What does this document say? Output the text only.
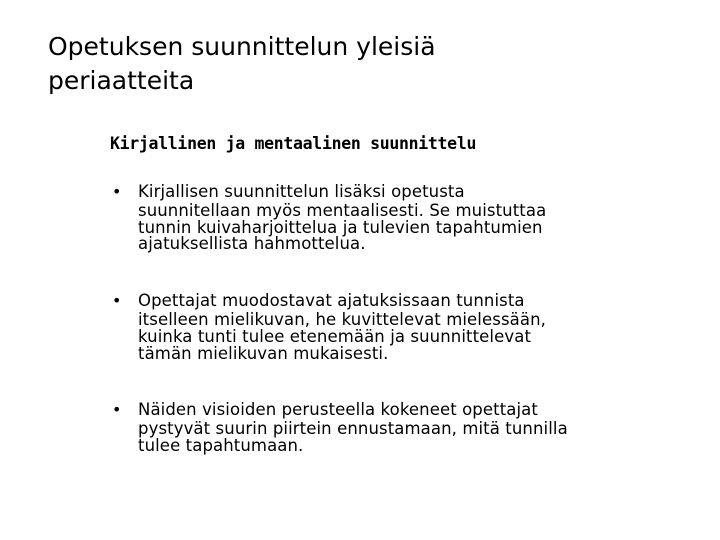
Opetuksen suunnittelun yleisiä
periaatteita
Kirjallinen ja mentaalinen suunnittelu
• Kirjallisen suunnittelun lisäksi opetusta
suunnitellaan myös mentaalisesti. Se muistuttaa
tunnin kuivaharjoittelua ja tulevien tapahtumien
ajatuksellista hahmottelua.
• Opettajat muodostavat ajatuksissaan tunnista
itselleen mielikuvan, he kuvittelevat mielessään,
kuinka tunti tulee etenemään ja suunnittelevat
tämän mielikuvan mukaisesti.
• Näiden visioiden perusteella kokeneet opettajat
pystyvät suurin piirtein ennustamaan, mitä tunnilla
tulee tapahtumaan.
